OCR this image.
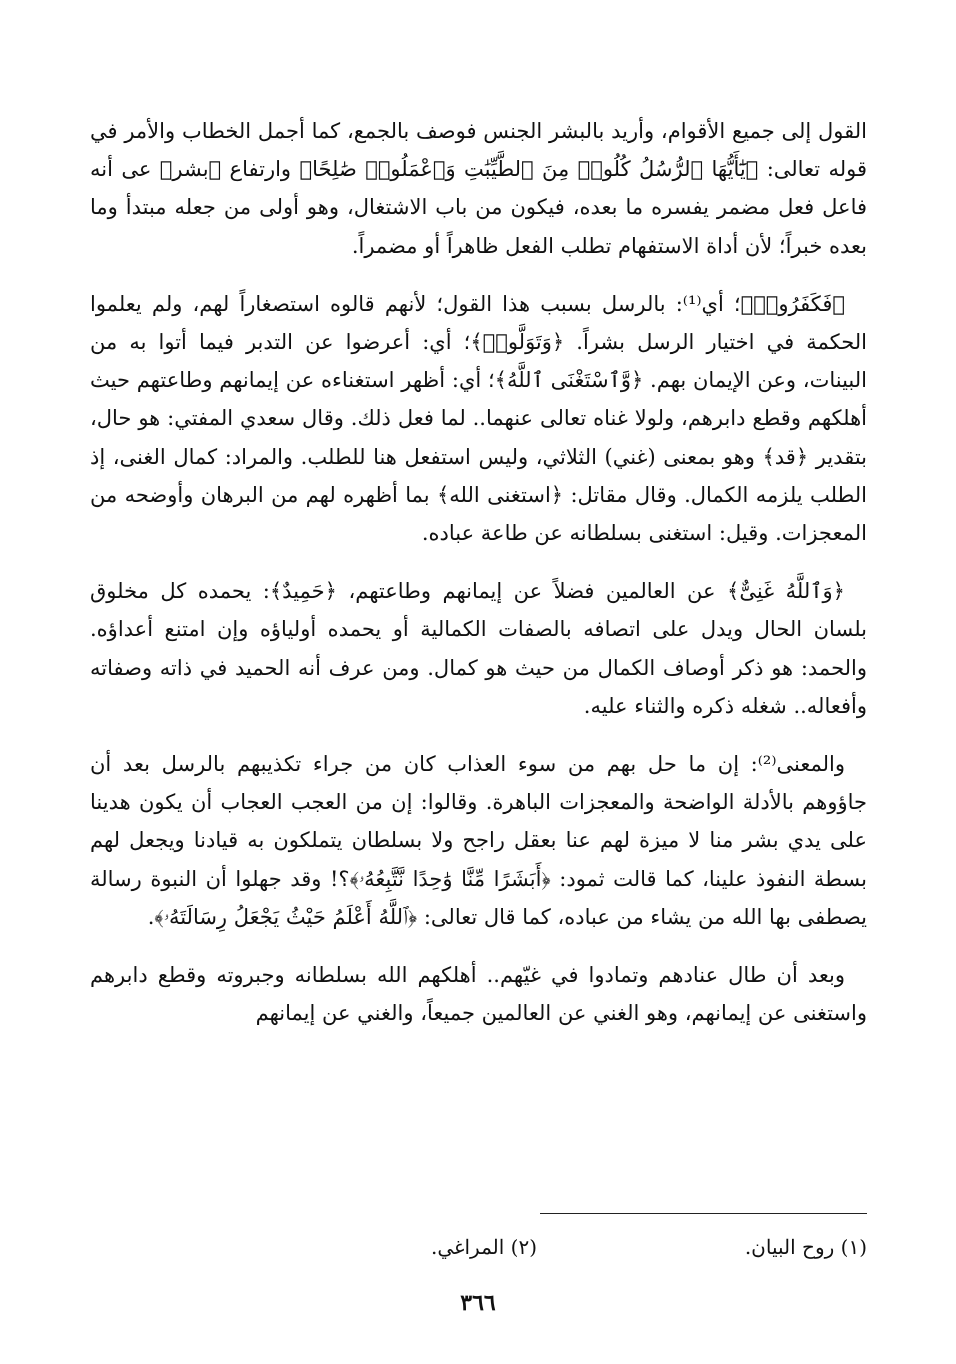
القول إلى جميع الأقوام، وأريد بالبشر الجنس فوصف بالجمع، كما أجمل الخطاب والأمر في قوله تعالى: ﴿يَٰٓأَيُّهَا ٱلرُّسُلُ كُلُوا۟ مِنَ ٱلطَّيِّبَٰتِ وَٱعْمَلُوا۟ صَٰلِحًا﴾ وارتفاع ﴿بشر﴾ عى أنه فاعل فعل مضمر يفسره ما بعده، فيكون من باب الاشتغال، وهو أولى من جعله مبتدأ وما بعده خبراً؛ لأن أداة الاستفهام تطلب الفعل ظاهراً أو مضمراً.

﴿فَكَفَرُوا۟﴾؛ أي⁽¹⁾: بالرسل بسبب هذا القول؛ لأنهم قالوه استصغاراً لهم، ولم يعلموا الحكمة في اختيار الرسل بشراً. ﴿وَتَوَلَّوا۟﴾؛ أي: أعرضوا عن التدبر فيما أتوا به من البينات، وعن الإيمان بهم. ﴿وَّٱسْتَغْنَى ٱللَّهُ﴾؛ أي: أظهر استغناءه عن إيمانهم وطاعتهم حيث أهلكهم وقطع دابرهم، ولولا غناه تعالى عنهما.. لما فعل ذلك. وقال سعدي المفتي: هو حال، بتقدير ﴿قد﴾ وهو بمعنى (غني) الثلاثي، وليس استفعل هنا للطلب. والمراد: كمال الغنى، إذ الطلب يلزمه الكمال. وقال مقاتل: ﴿استغنى الله﴾ بما أظهره لهم من البرهان وأوضحه من المعجزات. وقيل: استغنى بسلطانه عن طاعة عباده.

﴿وَٱللَّهُ غَنِىٌّ﴾ عن العالمين فضلاً عن إيمانهم وطاعتهم، ﴿حَمِيدٌ﴾: يحمده كل مخلوق بلسان الحال ويدل على اتصافه بالصفات الكمالية أو يحمده أولياؤه وإن امتنع أعداؤه. والحمد: هو ذكر أوصاف الكمال من حيث هو كمال. ومن عرف أنه الحميد في ذاته وصفاته وأفعاله.. شغله ذكره والثناء عليه.

والمعنى⁽²⁾: إن ما حل بهم من سوء العذاب كان من جراء تكذيبهم بالرسل بعد أن جاؤوهم بالأدلة الواضحة والمعجزات الباهرة. وقالوا: إن من العجب العجاب أن يكون هدينا على يدي بشر منا لا ميزة لهم عنا بعقل راجح ولا بسلطان يتملكون به قيادنا ويجعل لهم بسطة النفوذ علينا، كما قالت ثمود: ﴿أَبَشَرًا مِّنَّا وَٰحِدًا نَّتَّبِعُهُۥ﴾؟! وقد جهلوا أن النبوة رسالة يصطفى بها الله من يشاء من عباده، كما قال تعالى: ﴿ٱللَّهُ أَعْلَمُ حَيْثُ يَجْعَلُ رِسَالَتَهُۥ﴾.

وبعد أن طال عنادهم وتمادوا في غيّهم.. أهلكهم الله بسلطانه وجبروته وقطع دابرهم واستغنى عن إيمانهم، وهو الغني عن العالمين جميعاً، والغني عن إيمانهم

(١) روح البيان.
(٢) المراغي.
٣٦٦
